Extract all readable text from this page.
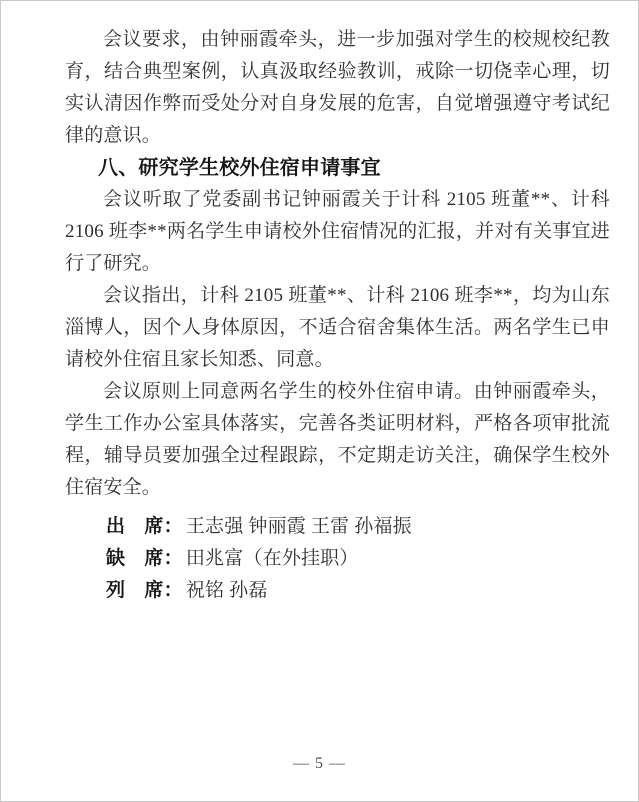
会议要求，由钟丽霞牵头，进一步加强对学生的校规校纪教育，结合典型案例，认真汲取经验教训，戒除一切侥幸心理，切实认清因作弊而受处分对自身发展的危害，自觉增强遵守考试纪律的意识。

八、研究学生校外住宿申请事宜

会议听取了党委副书记钟丽霞关于计科 2105 班董**、计科 2106 班李**两名学生申请校外住宿情况的汇报，并对有关事宜进行了研究。

会议指出，计科 2105 班董**、计科 2106 班李**，均为山东淄博人，因个人身体原因，不适合宿舍集体生活。两名学生已申请校外住宿且家长知悉、同意。

会议原则上同意两名学生的校外住宿申请。由钟丽霞牵头，学生工作办公室具体落实，完善各类证明材料，严格各项审批流程，辅导员要加强全过程跟踪，不定期走访关注，确保学生校外住宿安全。

出　席： 王志强 钟丽霞 王雷 孙福振
缺　席： 田兆富（在外挂职）
列　席： 祝铭 孙磊
— 5 —
